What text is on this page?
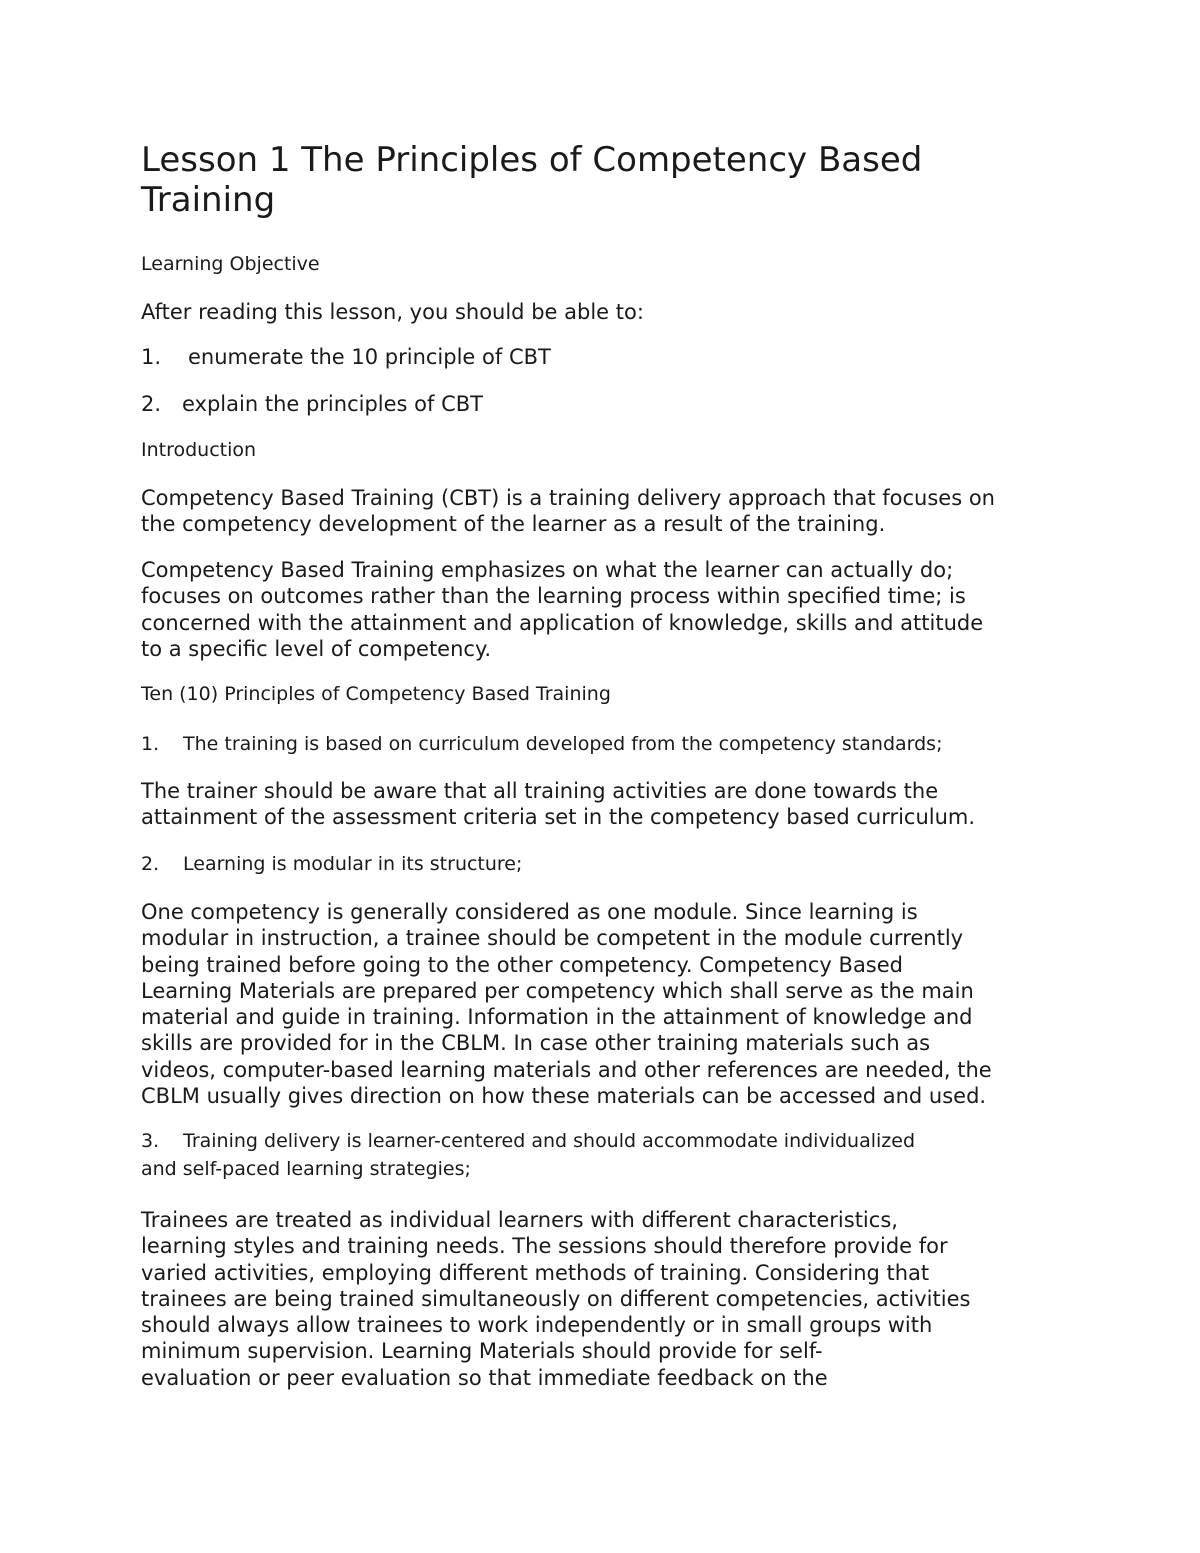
Lesson 1 The Principles of Competency Based
Training
Learning Objective
After reading this lesson, you should be able to:
1. enumerate the 10 principle of CBT
2. explain the principles of CBT
Introduction
Competency Based Training (CBT) is a training delivery approach that focuses on
the competency development of the learner as a result of the training.
Competency Based Training emphasizes on what the learner can actually do;
focuses on outcomes rather than the learning process within specified time; is
concerned with the attainment and application of knowledge, skills and attitude
to a specific level of competency.
Ten (10) Principles of Competency Based Training
1. The training is based on curriculum developed from the competency standards;
The trainer should be aware that all training activities are done towards the
attainment of the assessment criteria set in the competency based curriculum.
2. Learning is modular in its structure;
One competency is generally considered as one module. Since learning is
modular in instruction, a trainee should be competent in the module currently
being trained before going to the other competency. Competency Based
Learning Materials are prepared per competency which shall serve as the main
material and guide in training. Information in the attainment of knowledge and
skills are provided for in the CBLM. In case other training materials such as
videos, computer-based learning materials and other references are needed, the
CBLM usually gives direction on how these materials can be accessed and used.
3. Training delivery is learner-centered and should accommodate individualized
and self-paced learning strategies;
Trainees are treated as individual learners with different characteristics,
learning styles and training needs. The sessions should therefore provide for
varied activities, employing different methods of training. Considering that
trainees are being trained simultaneously on different competencies, activities
should always allow trainees to work independently or in small groups with
minimum supervision. Learning Materials should provide for self-
evaluation or peer evaluation so that immediate feedback on the
